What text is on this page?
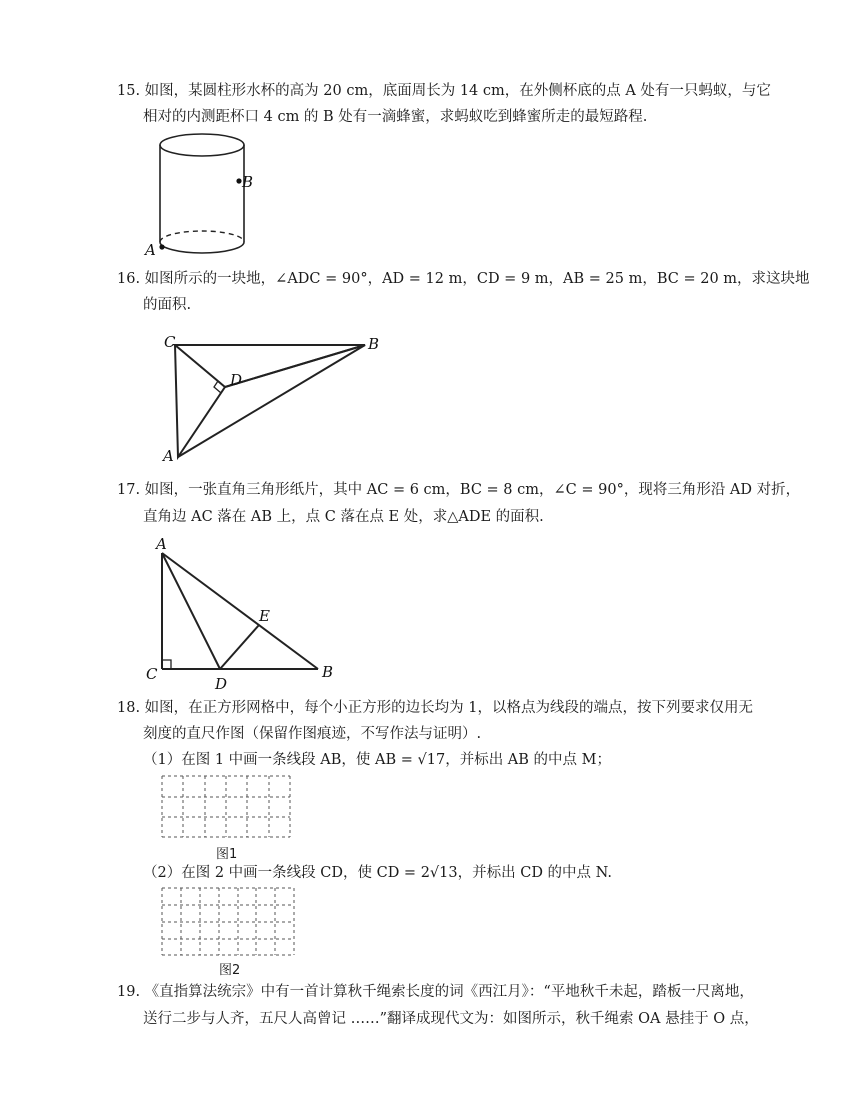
15. 如图，某圆柱形水杯的高为 20 cm，底面周长为 14 cm，在外侧杯底的点 A 处有一只蚂蚁，与它
相对的内测距杯口 4 cm 的 B 处有一滴蜂蜜，求蚂蚁吃到蜂蜜所走的最短路程.
B
A
16. 如图所示的一块地，∠ADC = 90°，AD = 12 m，CD = 9 m，AB = 25 m，BC = 20 m，求这块地
的面积.
C	B
D
A
17. 如图，一张直角三角形纸片，其中 AC = 6 cm，BC = 8 cm，∠C = 90°，现将三角形沿 AD 对折，
直角边 AC 落在 AB 上，点 C 落在点 E 处，求△ADE 的面积.
A
E
C
D
B
18. 如图，在正方形网格中，每个小正方形的边长均为 1，以格点为线段的端点，按下列要求仅用无
刻度的直尺作图（保留作图痕迹，不写作法与证明）.
（1）在图 1 中画一条线段 AB，使 AB = √17，并标出 AB 的中点 M；
图1
（2）在图 2 中画一条线段 CD，使 CD = 2√13，并标出 CD 的中点 N.
图2
19. 《直指算法统宗》中有一首计算秋千绳索长度的词《西江月》：“平地秋千未起，踏板一尺离地，
送行二步与人齐，五尺人高曾记 ……”翻译成现代文为：如图所示，秋千绳索 OA 悬挂于 O 点，
